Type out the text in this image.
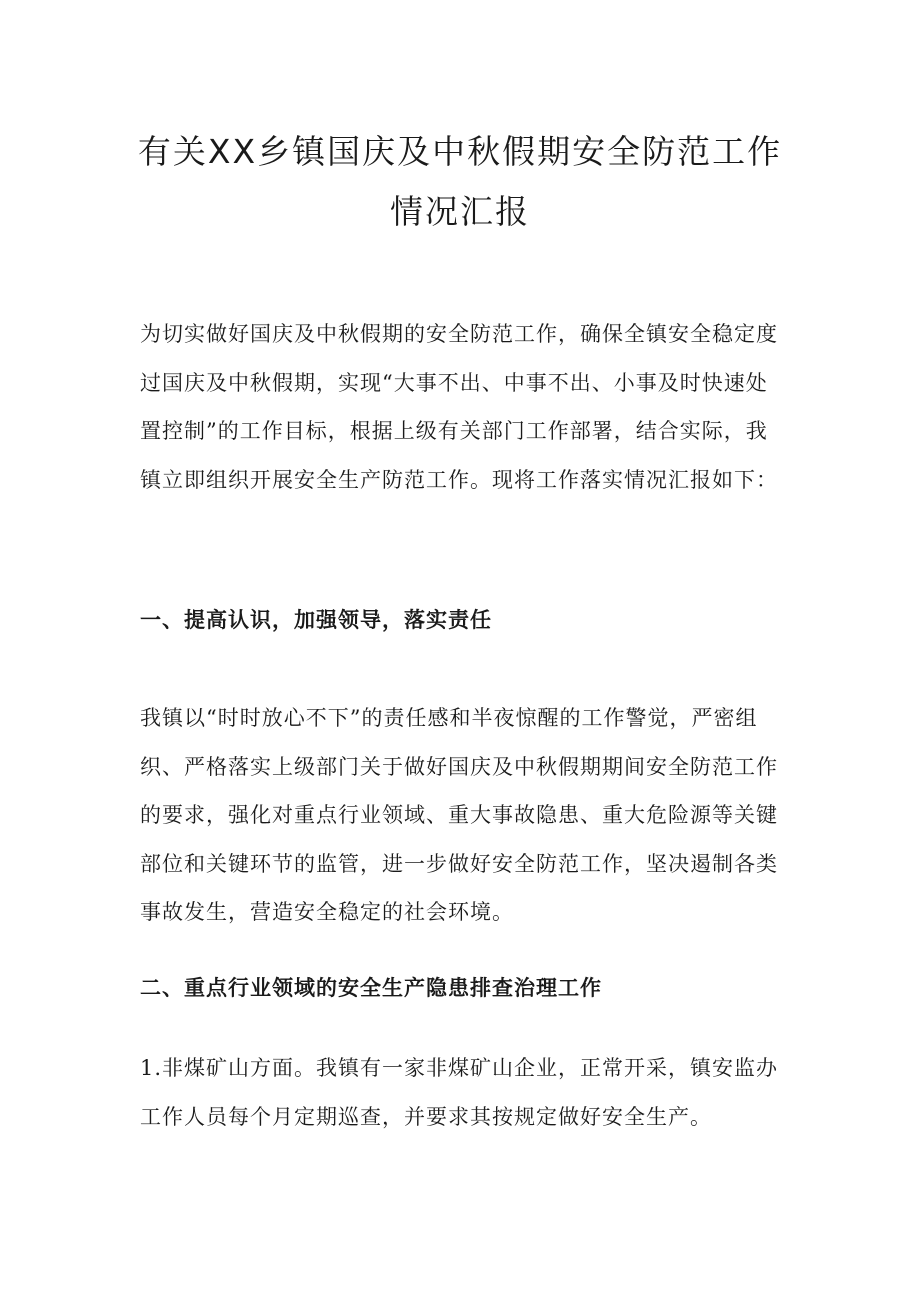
有关XX乡镇国庆及中秋假期安全防范工作
情况汇报

为切实做好国庆及中秋假期的安全防范工作，确保全镇安全稳定度过国庆及中秋假期，实现“大事不出、中事不出、小事及时快速处置控制”的工作目标，根据上级有关部门工作部署，结合实际，我镇立即组织开展安全生产防范工作。现将工作落实情况汇报如下：

一、提高认识，加强领导，落实责任

我镇以“时时放心不下”的责任感和半夜惊醒的工作警觉，严密组织、严格落实上级部门关于做好国庆及中秋假期期间安全防范工作的要求，强化对重点行业领域、重大事故隐患、重大危险源等关键部位和关键环节的监管，进一步做好安全防范工作，坚决遏制各类事故发生，营造安全稳定的社会环境。

二、重点行业领域的安全生产隐患排查治理工作

1.非煤矿山方面。我镇有一家非煤矿山企业，正常开采，镇安监办工作人员每个月定期巡查，并要求其按规定做好安全生产。
